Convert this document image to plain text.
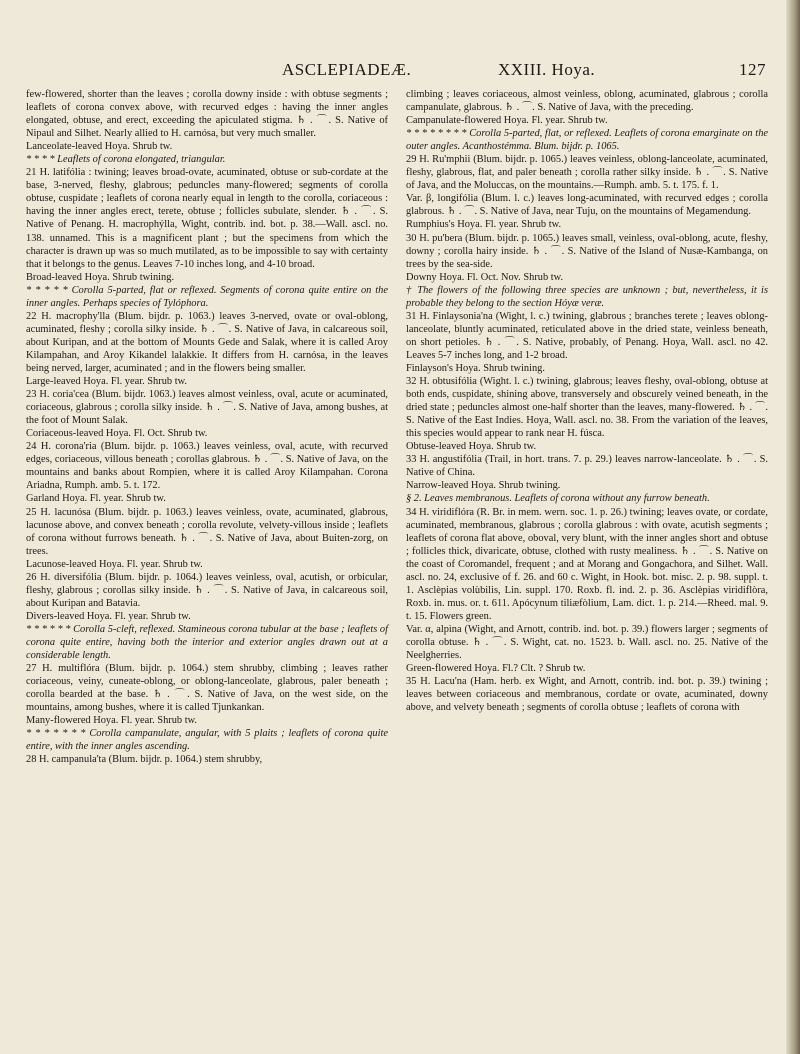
ASCLEPIADEÆ.	XXIII. Hoya.	127

few-flowered, shorter than the leaves ; corolla downy inside : with obtuse segments ; leaflets of corona convex above, with recurved edges : having the inner angles elongated, obtuse, and erect, exceeding the apiculated stigma. ♄ . ⌒. S. Native of Nipaul and Silhet. Nearly allied to H. carnósa, but very much smaller.

Lanceolate-leaved Hoya. Shrub tw.

* * * * Leaflets of corona elongated, triangular.

21 H. latifólia : twining; leaves broad-ovate, acuminated, obtuse or sub-cordate at the base, 3-nerved, fleshy, glabrous; peduncles many-flowered; segments of corolla obtuse, cuspidate ; leaflets of corona nearly equal in length to the corolla, coriaceous : having the inner angles erect, terete, obtuse ; follicles subulate, slender. ♄ . ⌒. S. Native of Penang. H. macrophýlla, Wight, contrib. ind. bot. p. 38.—Wall. ascl. no. 138. unnamed. This is a magnificent plant ; but the specimens from which the character is drawn up was so much mutilated, as to be impossible to say with certainty that it belongs to the genus. Leaves 7-10 inches long, and 4-10 broad.

Broad-leaved Hoya. Shrub twining.

* * * * * Corolla 5-parted, flat or reflexed. Segments of corona quite entire on the inner angles. Perhaps species of Tylóphora.

22 H. macrophy'lla (Blum. bijdr. p. 1063.) leaves 3-nerved, ovate or oval-oblong, acuminated, fleshy ; corolla silky inside. ♄ . ⌒. S. Native of Java, in calcareous soil, about Kuripan, and at the bottom of Mounts Gede and Salak, where it is called Aroy Kilampahan, and Aroy Kikandel lalakkie. It differs from H. carnósa, in the leaves being nerved, larger, acuminated ; and in the flowers being smaller.

Large-leaved Hoya. Fl. year. Shrub tw.

23 H. coria'cea (Blum. bijdr. 1063.) leaves almost veinless, oval, acute or acuminated, coriaceous, glabrous ; corolla silky inside. ♄ . ⌒. S. Native of Java, among bushes, at the foot of Mount Salak.

Coriaceous-leaved Hoya. Fl. Oct. Shrub tw.

24 H. corona'ria (Blum. bijdr. p. 1063.) leaves veinless, oval, acute, with recurved edges, coriaceous, villous beneath ; corollas glabrous. ♄ . ⌒. S. Native of Java, on the mountains and banks about Rompien, where it is called Aroy Kilampahan. Corona Ariadna, Rumph. amb. 5. t. 172.

Garland Hoya. Fl. year. Shrub tw.

25 H. lacunósa (Blum. bijdr. p. 1063.) leaves veinless, ovate, acuminated, glabrous, lacunose above, and convex beneath ; corolla revolute, velvety-villous inside ; leaflets of corona without furrows beneath. ♄ . ⌒. S. Native of Java, about Buiten-zorg, on trees.

Lacunose-leaved Hoya. Fl. year. Shrub tw.

26 H. diversifólia (Blum. bijdr. p. 1064.) leaves veinless, oval, acutish, or orbicular, fleshy, glabrous ; corollas silky inside. ♄ . ⌒. S. Native of Java, in calcareous soil, about Kuripan and Batavia.

Divers-leaved Hoya. Fl. year. Shrub tw.

* * * * * * Corolla 5-cleft, reflexed. Stamineous corona tubular at the base ; leaflets of corona quite entire, having both the interior and exterior angles drawn out at a considerable length.

27 H. multiflóra (Blum. bijdr. p. 1064.) stem shrubby, climbing ; leaves rather coriaceous, veiny, cuneate-oblong, or oblong-lanceolate, glabrous, paler beneath ; corolla bearded at the base. ♄ . ⌒. S. Native of Java, on the west side, on the mountains, among bushes, where it is called Tjunkankan.

Many-flowered Hoya. Fl. year. Shrub tw.

* * * * * * * Corolla campanulate, angular, with 5 plaits ; leaflets of corona quite entire, with the inner angles ascending.

28 H. campanula'ta (Blum. bijdr. p. 1064.) stem shrubby,

climbing ; leaves coriaceous, almost veinless, oblong, acuminated, glabrous ; corolla campanulate, glabrous. ♄ . ⌒. S. Native of Java, with the preceding.

Campanulate-flowered Hoya. Fl. year. Shrub tw.

* * * * * * * * Corolla 5-parted, flat, or reflexed. Leaflets of corona emarginate on the outer angles. Acanthostémma. Blum. bijdr. p. 1065.

29 H. Ru'mphii (Blum. bijdr. p. 1065.) leaves veinless, oblong-lanceolate, acuminated, fleshy, glabrous, flat, and paler beneath ; corolla rather silky inside. ♄ . ⌒. S. Native of Java, and the Moluccas, on the mountains.—Rumph. amb. 5. t. 175. f. 1.

Var. β, longifólia (Blum. l. c.) leaves long-acuminated, with recurved edges ; corolla glabrous. ♄ . ⌒. S. Native of Java, near Tuju, on the mountains of Megamendung.

Rumphius's Hoya. Fl. year. Shrub tw.

30 H. pu'bera (Blum. bijdr. p. 1065.) leaves small, veinless, oval-oblong, acute, fleshy, downy ; corolla hairy inside. ♄ . ⌒. S. Native of the Island of Nusæ-Kambanga, on trees by the sea-side.

Downy Hoya. Fl. Oct. Nov. Shrub tw.

† The flowers of the following three species are unknown ; but, nevertheless, it is probable they belong to the section Hóyæ veræ.

31 H. Finlaysonia'na (Wight, l. c.) twining, glabrous ; branches terete ; leaves oblong-lanceolate, bluntly acuminated, reticulated above in the dried state, veinless beneath, on short petioles. ♄ . ⌒. S. Native, probably, of Penang. Hoya, Wall. ascl. no 42. Leaves 5-7 inches long, and 1-2 broad.

Finlayson's Hoya. Shrub twining.

32 H. obtusifólia (Wight. l. c.) twining, glabrous; leaves fleshy, oval-oblong, obtuse at both ends, cuspidate, shining above, transversely and obscurely veined beneath, in the dried state ; peduncles almost one-half shorter than the leaves, many-flowered. ♄ . ⌒. S. Native of the East Indies. Hoya, Wall. ascl. no. 38. From the variation of the leaves, this species would appear to rank near H. fúsca.

Obtuse-leaved Hoya. Shrub tw.

33 H. angustifólia (Trail, in hort. trans. 7. p. 29.) leaves narrow-lanceolate. ♄ . ⌒. S. Native of China.

Narrow-leaved Hoya. Shrub twining.

§ 2. Leaves membranous. Leaflets of corona without any furrow beneath.

34 H. viridiflóra (R. Br. in mem. wern. soc. 1. p. 26.) twining; leaves ovate, or cordate, acuminated, membranous, glabrous ; corolla glabrous : with ovate, acutish segments ; leaflets of corona flat above, oboval, very blunt, with the inner angles short and obtuse ; follicles thick, divaricate, obtuse, clothed with rusty mealiness. ♄ . ⌒. S. Native on the coast of Coromandel, frequent ; and at Morang and Gongachora, and Silhet. Wall. ascl. no. 24, exclusive of f. 26. and 60 c. Wight, in Hook. bot. misc. 2. p. 98. suppl. t. 1. Asclèpias volùbilis, Lin. suppl. 170. Roxb. fl. ind. 2. p. 36. Asclèpias viridiflòra, Roxb. in. mus. or. t. 611. Apócynum tiliæfòlium, Lam. dict. 1. p. 214.—Rheed. mal. 9. t. 15. Flowers green.

Var. α, alpìna (Wight, and Arnott, contrib. ind. bot. p. 39.) flowers larger ; segments of corolla obtuse. ♄ . ⌒. S. Wight, cat. no. 1523. b. Wall. ascl. no. 25. Native of the Neelgherries.

Green-flowered Hoya. Fl.? Clt. ? Shrub tw.

35 H. Lacu'na (Ham. herb. ex Wight, and Arnott, contrib. ind. bot. p. 39.) twining ; leaves between coriaceous and membranous, cordate or ovate, acuminated, downy above, and velvety beneath ; segments of corolla obtuse ; leaflets of corona with
